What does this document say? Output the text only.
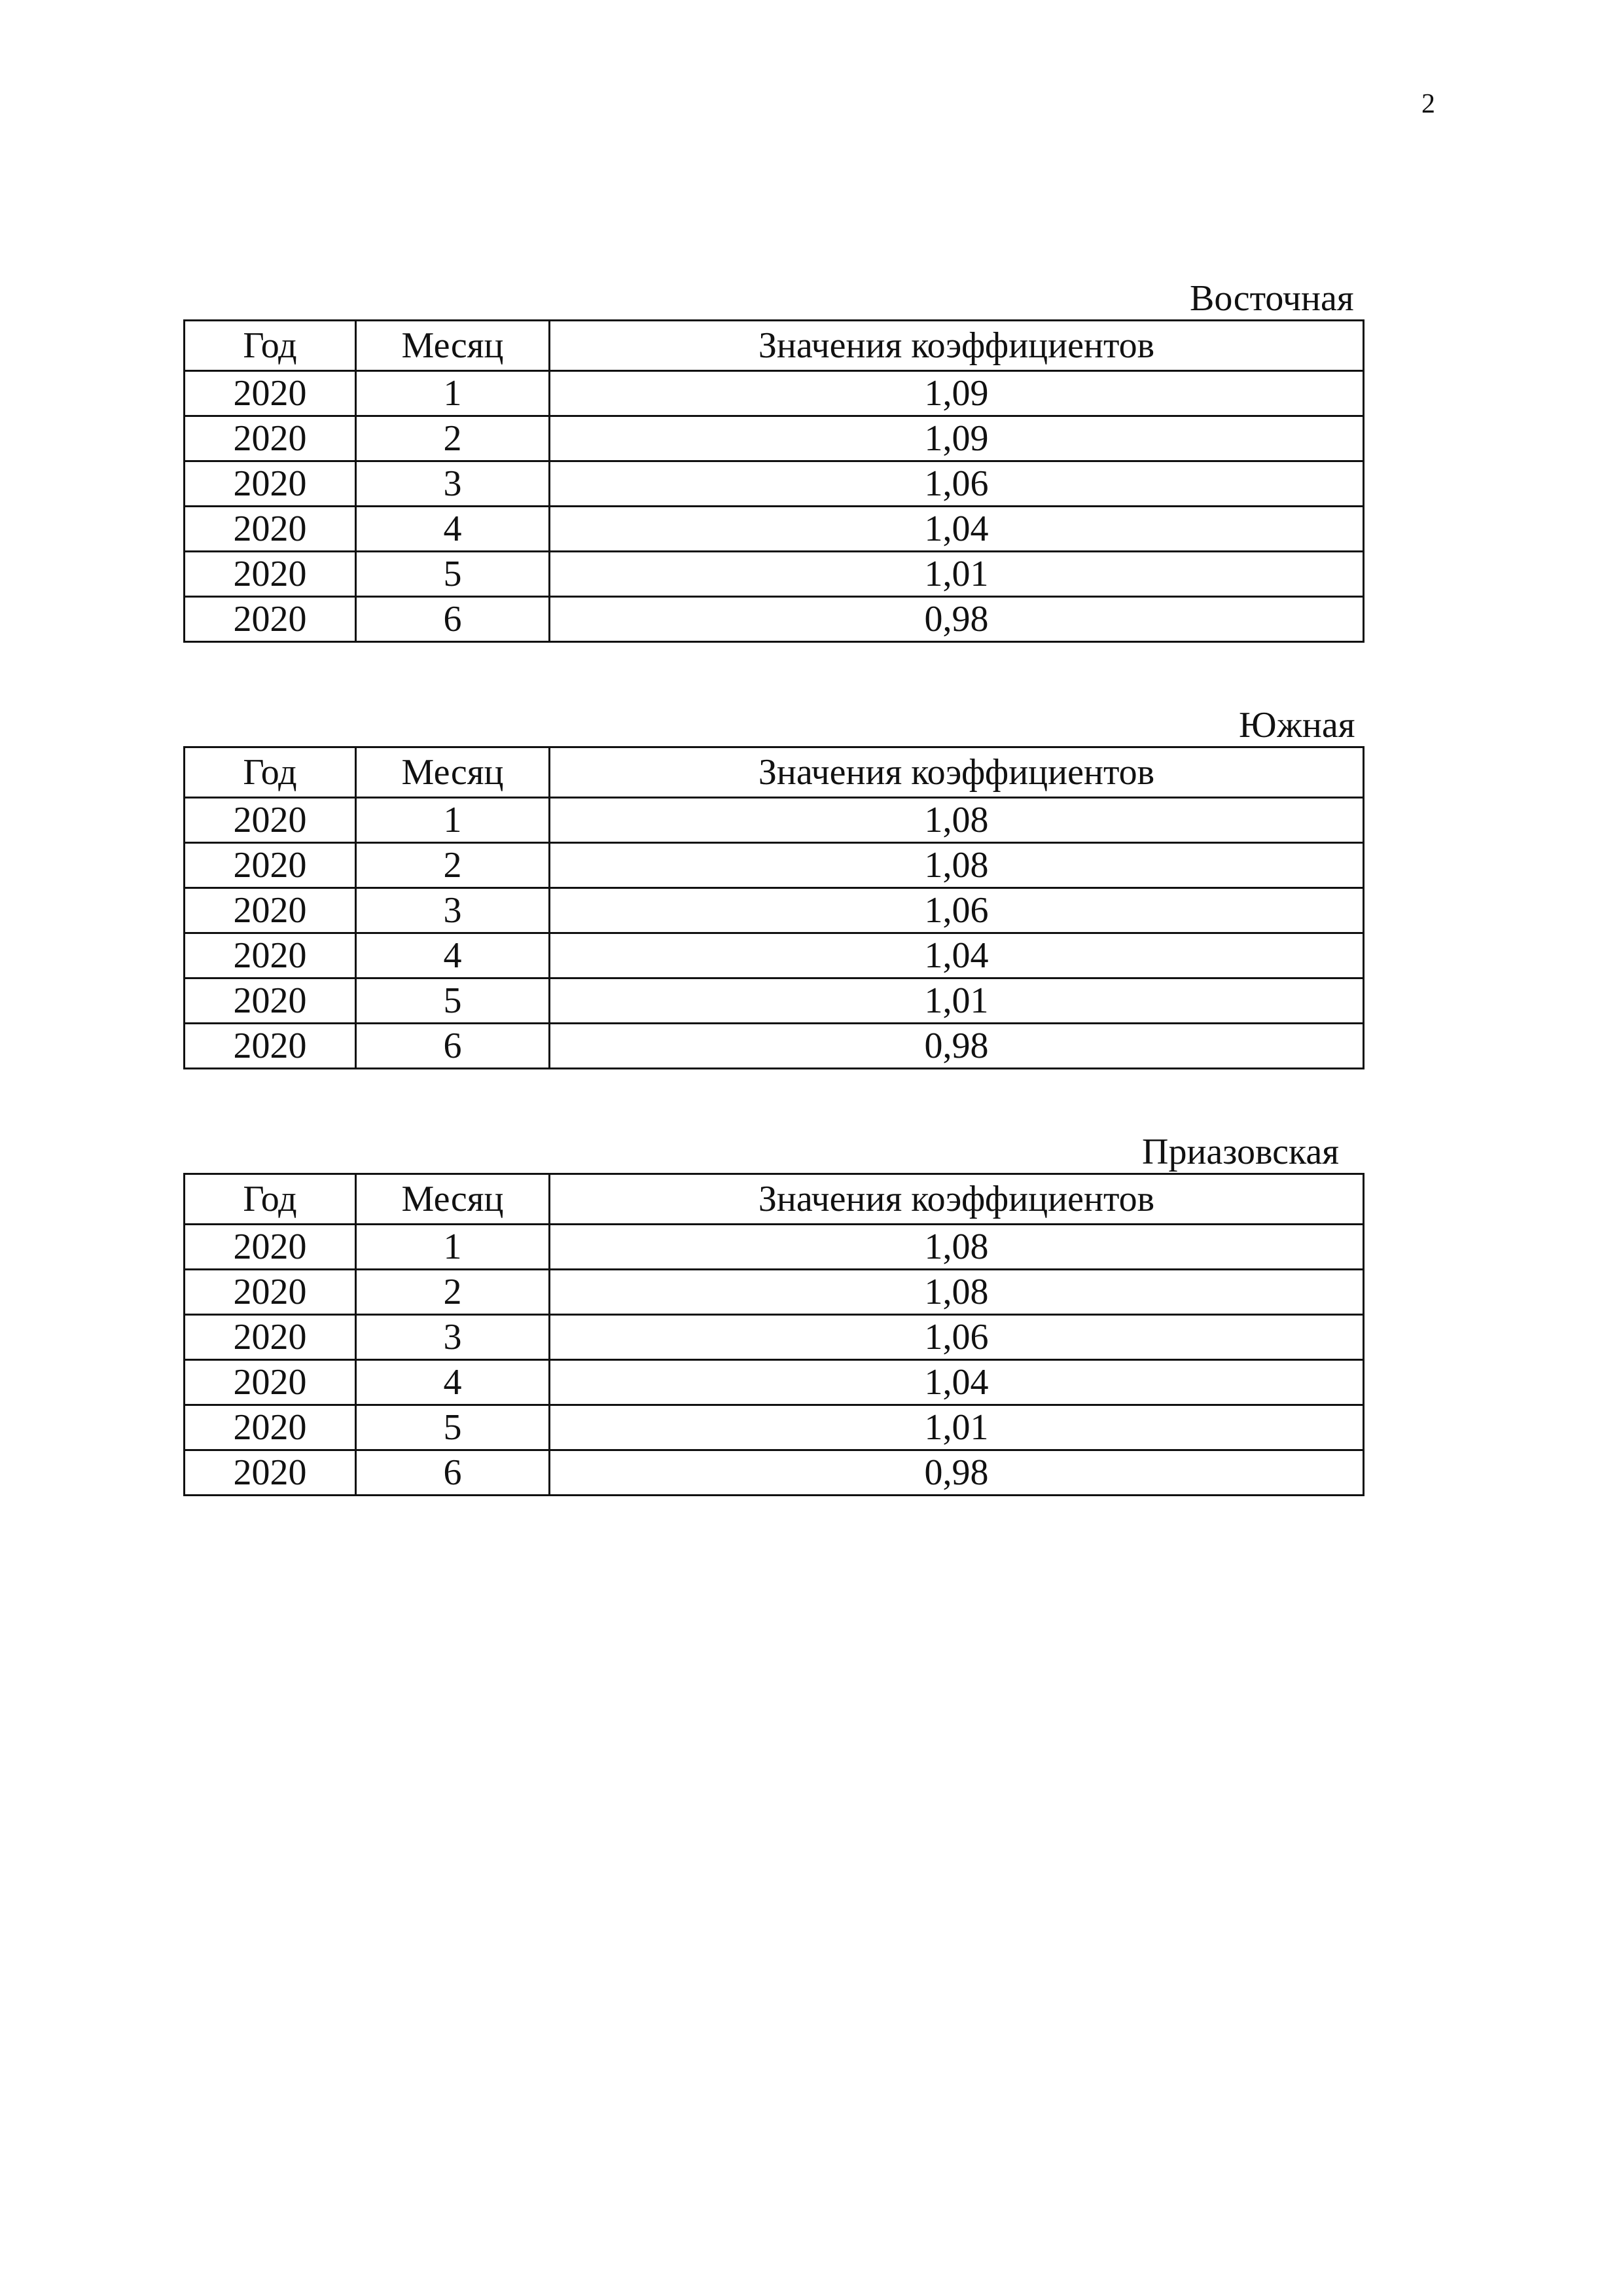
2
Восточная
Год	Месяц	Значения коэффициентов
2020	1	1,09
2020	2	1,09
2020	3	1,06
2020	4	1,04
2020	5	1,01
2020	6	0,98
Южная
Год	Месяц	Значения коэффициентов
2020	1	1,08
2020	2	1,08
2020	3	1,06
2020	4	1,04
2020	5	1,01
2020	6	0,98
Приазовская
Год	Месяц	Значения коэффициентов
2020	1	1,08
2020	2	1,08
2020	3	1,06
2020	4	1,04
2020	5	1,01
2020	6	0,98
